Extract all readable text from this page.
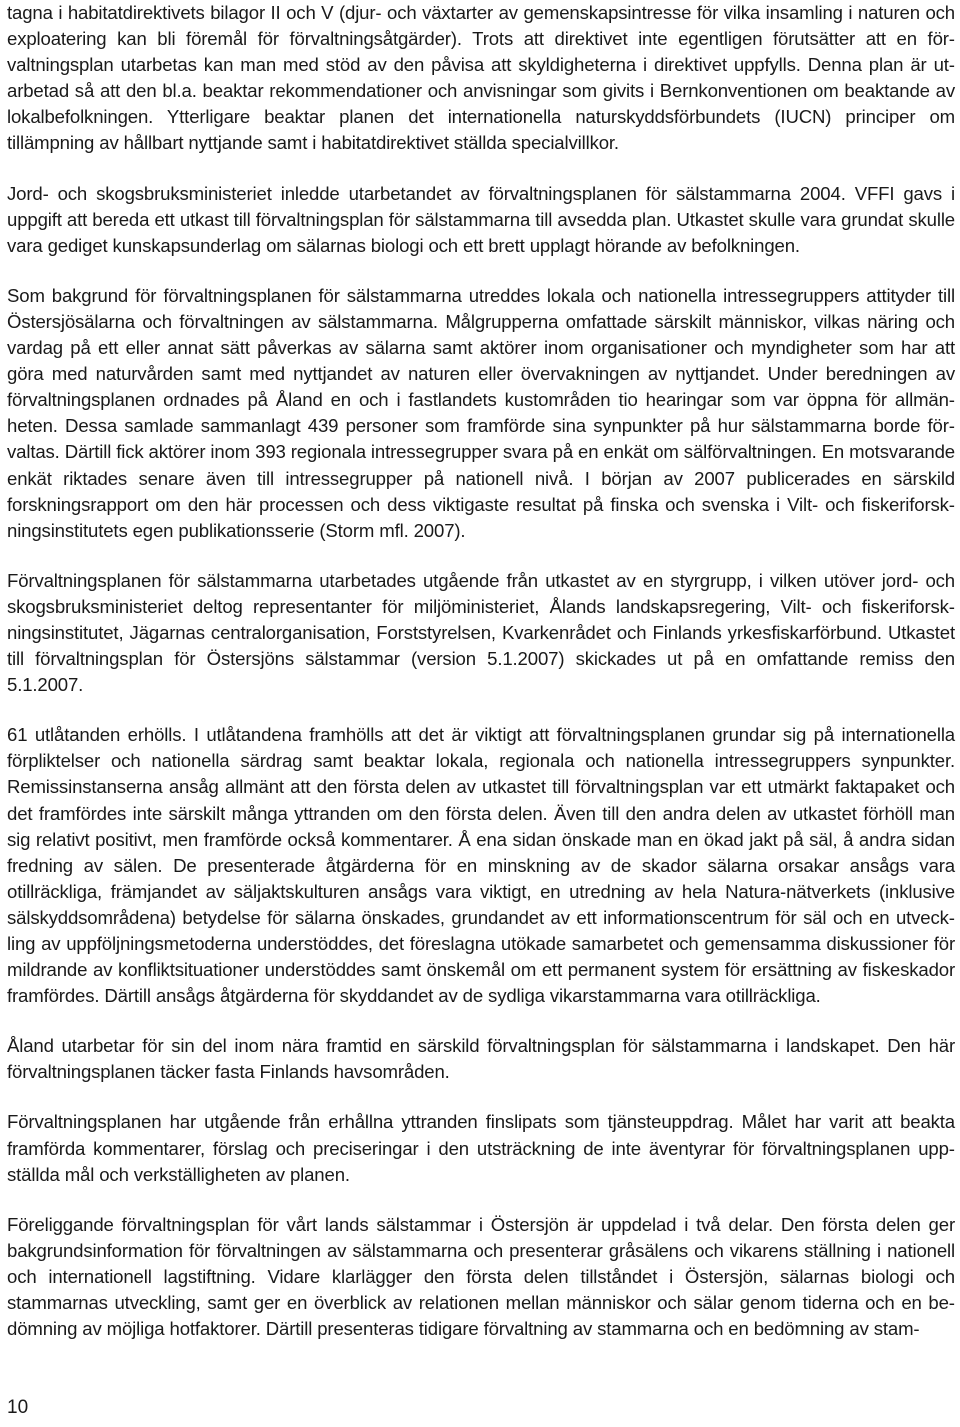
tagna i habitatdirektivets bilagor II och V (djur- och växtarter av gemenskapsintresse för vilka insamling i naturen och exploatering kan bli föremål för förvaltningsåtgärder). Trots att direktivet inte egentligen förutsätter att en förvaltningsplan utarbetas kan man med stöd av den påvisa att skyldigheterna i direktivet uppfylls. Denna plan är utarbetad så att den bl.a. beaktar rekommendationer och anvisningar som givits i Bernkonventionen om beaktande av lokalbefolkningen. Ytterligare beaktar planen det internationella naturskyddsförbundets (IUCN) principer om tillämpning av hållbart nyttjande samt i habitatdirektivet ställda specialvillkor.

Jord- och skogsbruksministeriet inledde utarbetandet av förvaltningsplanen för sälstammarna 2004. VFFI gavs i uppgift att bereda ett utkast till förvaltningsplan för sälstammarna till avsedda plan. Utkastet skulle vara grundat skulle vara gediget kunskapsunderlag om sälarnas biologi och ett brett upplagt hörande av befolkningen.

Som bakgrund för förvaltningsplanen för sälstammarna utreddes lokala och nationella intressegruppers attityder till Östersjösälarna och förvaltningen av sälstammarna. Målgrupperna omfattade särskilt människor, vilkas näring och vardag på ett eller annat sätt påverkas av sälarna samt aktörer inom organisationer och myndigheter som har att göra med naturvården samt med nyttjandet av naturen eller övervakningen av nyttjandet. Under beredningen av förvaltningsplanen ordnades på Åland en och i fastlandets kustområden tio hearingar som var öppna för allmänheten. Dessa samlade sammanlagt 439 personer som framförde sina synpunkter på hur sälstammarna borde förvaltas. Därtill fick aktörer inom 393 regionala intressegrupper svara på en enkät om sälförvaltningen. En motsvarande enkät riktades senare även till intressegrupper på nationell nivå. I början av 2007 publicerades en särskild forskningsrapport om den här processen och dess viktigaste resultat på finska och svenska i Vilt- och fiskeriforskningsinstitutets egen publikationsserie (Storm mfl. 2007).

Förvaltningsplanen för sälstammarna utarbetades utgående från utkastet av en styrgrupp, i vilken utöver jord- och skogsbruksministeriet deltog representanter för miljöministeriet, Ålands landskapsregering, Vilt- och fiskeriforskningsinstitutet, Jägarnas centralorganisation, Forststyrelsen, Kvarkenrådet och Finlands yrkesfiskarförbund. Utkastet till förvaltningsplan för Östersjöns sälstammar (version 5.1.2007) skickades ut på en omfattande remiss den 5.1.2007.

61 utlåtanden erhölls. I utlåtandena framhölls att det är viktigt att förvaltningsplanen grundar sig på internationella förpliktelser och nationella särdrag samt beaktar lokala, regionala och nationella intressegruppers synpunkter. Remissinstanserna ansåg allmänt att den första delen av utkastet till förvaltningsplan var ett utmärkt faktapaket och det framfördes inte särskilt många yttranden om den första delen. Även till den andra delen av utkastet förhöll man sig relativt positivt, men framförde också kommentarer. Å ena sidan önskade man en ökad jakt på säl, å andra sidan fredning av sälen. De presenterade åtgärderna för en minskning av de skador sälarna orsakar ansågs vara otillräckliga, främjandet av säljaktskulturen ansågs vara viktigt, en utredning av hela Natura-nätverkets (inklusive sälskyddsområdena) betydelse för sälarna önskades, grundandet av ett informationscentrum för säl och en utveckling av uppföljningsmetoderna understöddes, det föreslagna utökade samarbetet och gemensamma diskussioner för mildrande av konfliktsituationer understöddes samt önskemål om ett permanent system för ersättning av fiskeskador framfördes. Därtill ansågs åtgärderna för skyddandet av de sydliga vikarstammarna vara otillräckliga.

Åland utarbetar för sin del inom nära framtid en särskild förvaltningsplan för sälstammarna i landskapet. Den här förvaltningsplanen täcker fasta Finlands havsområden.

Förvaltningsplanen har utgående från erhållna yttranden finslipats som tjänsteuppdrag. Målet har varit att beakta framförda kommentarer, förslag och preciseringar i den utsträckning de inte äventyrar för förvaltningsplanen uppställda mål och verkställigheten av planen.

Föreliggande förvaltningsplan för vårt lands sälstammar i Östersjön är uppdelad i två delar. Den första delen ger bakgrundsinformation för förvaltningen av sälstammarna och presenterar gråsälens och vikarens ställning i nationell och internationell lagstiftning. Vidare klarlägger den första delen tillståndet i Östersjön, sälarnas biologi och stammarnas utveckling, samt ger en överblick av relationen mellan människor och sälar genom tiderna och en bedömning av möjliga hotfaktorer. Därtill presenteras tidigare förvaltning av stammarna och en bedömning av stam-

10
